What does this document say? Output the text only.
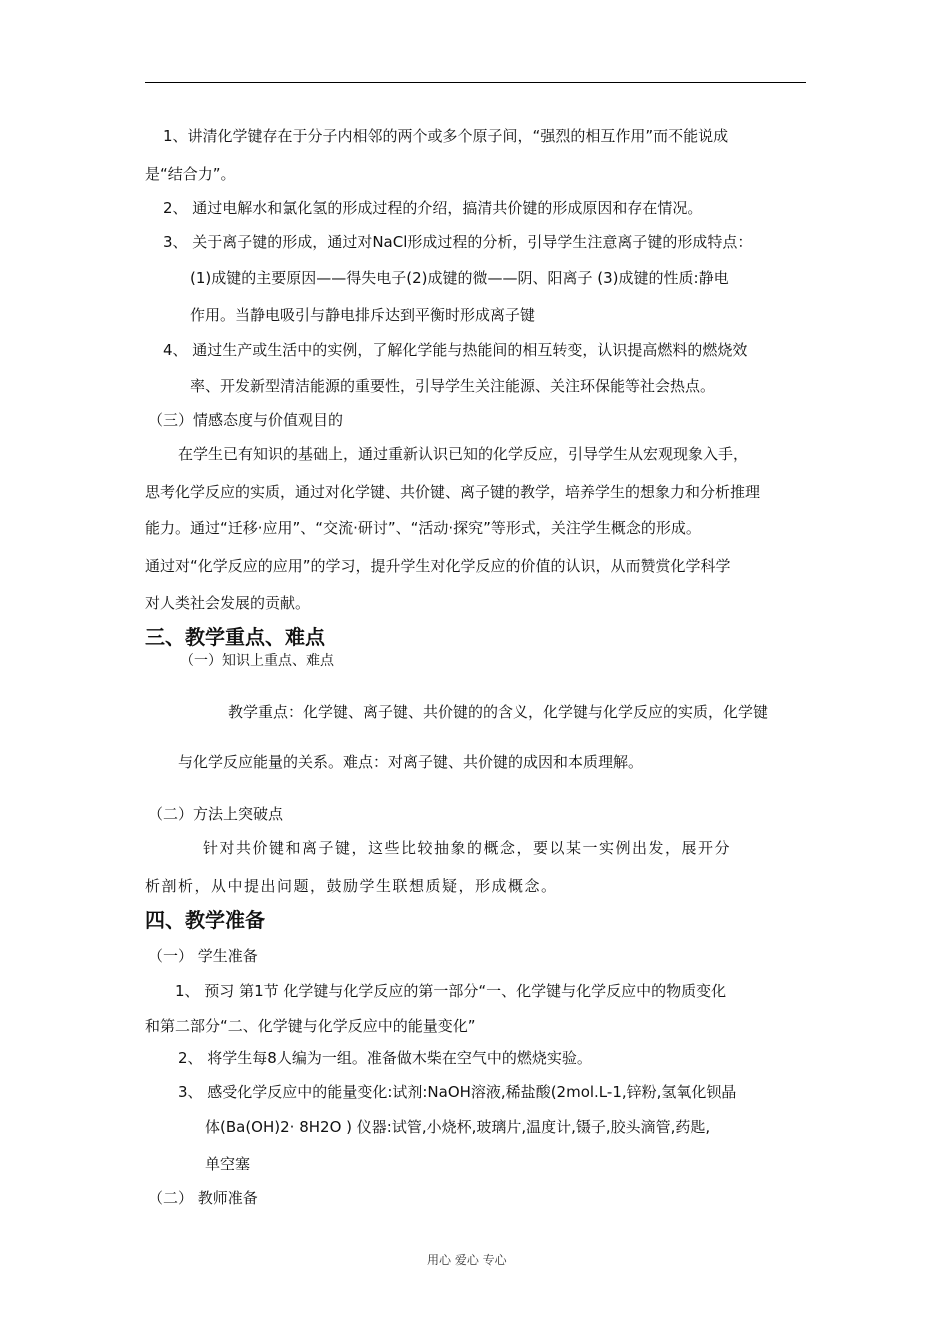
1、讲清化学键存在于分子内相邻的两个或多个原子间，“强烈的相互作用”而不能说成
是“结合力”。
2、 通过电解水和氯化氢的形成过程的介绍，搞清共价键的形成原因和存在情况。
3、 关于离子键的形成，通过对NaCl形成过程的分析，引导学生注意离子键的形成特点：
(1)成键的主要原因——得失电子(2)成键的微——阴、阳离子 (3)成键的性质:静电
作用。当静电吸引与静电排斥达到平衡时形成离子键
4、 通过生产或生活中的实例，了解化学能与热能间的相互转变，认识提高燃料的燃烧效
率、开发新型清洁能源的重要性，引导学生关注能源、关注环保能等社会热点。
（三）情感态度与价值观目的
在学生已有知识的基础上，通过重新认识已知的化学反应，引导学生从宏观现象入手，
思考化学反应的实质，通过对化学键、共价键、离子键的教学，培养学生的想象力和分析推理
能力。通过“迁移·应用”、“交流·研讨”、“活动·探究”等形式，关注学生概念的形成。
通过对“化学反应的应用”的学习，提升学生对化学反应的价值的认识，从而赞赏化学科学
对人类社会发展的贡献。
三、教学重点、难点
（一）知识上重点、难点
教学重点：化学键、离子键、共价键的的含义，化学键与化学反应的实质，化学键
与化学反应能量的关系。难点：对离子键、共价键的成因和本质理解。
（二）方法上突破点
针对共价键和离子键，这些比较抽象的概念，要以某一实例出发，展开分
析剖析，从中提出问题，鼓励学生联想质疑，形成概念。
四、教学准备
（一） 学生准备
1、 预习 第1节 化学键与化学反应的第一部分“一、化学键与化学反应中的物质变化
和第二部分“二、化学键与化学反应中的能量变化”
2、 将学生每8人编为一组。准备做木柴在空气中的燃烧实验。
3、 感受化学反应中的能量变化:试剂:NaOH溶液,稀盐酸(2mol.L-1,锌粉,氢氧化钡晶
体(Ba(OH)2· 8H2O ) 仪器:试管,小烧杯,玻璃片,温度计,镊子,胶头滴管,药匙,
单空塞
（二） 教师准备
用心 爱心 专心
